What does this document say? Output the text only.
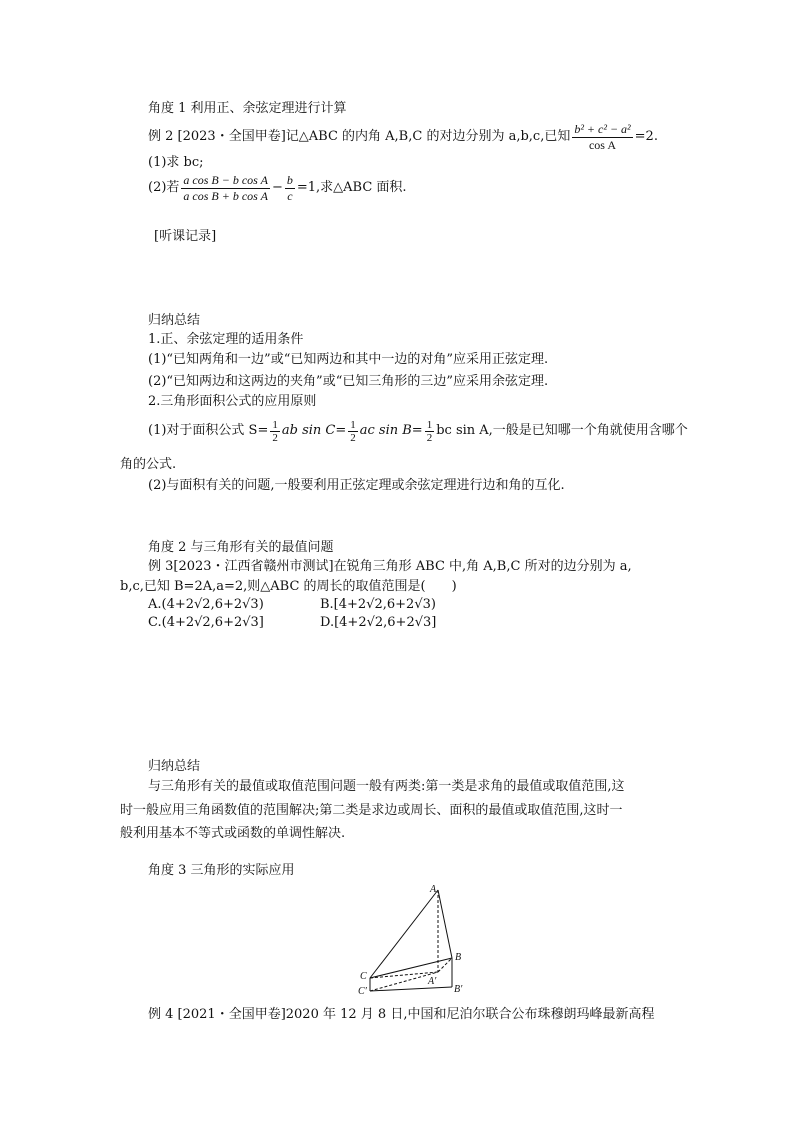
角度 1 利用正、余弦定理进行计算
例 2 [2023・全国甲卷]记△ABC 的内角 A,B,C 的对边分别为 a,b,c,已知 $\frac{\text{b² + c² − a²}}{\text{cos A}} =2$.
(1)求 bc;
(2)若 $\frac{\text{a cos B − b cos A}}{\text{a cos B + b cos A}} - \frac{b}{c} =1$,求△ABC 面积.
[听课记录]
归纳总结
1.正、余弦定理的适用条件
(1)“已知两角和一边”或“已知两边和其中一边的对角”应采用正弦定理.
(2)“已知两边和这两边的夹角”或“已知三角形的三边”应采用余弦定理.
2.三角形面积公式的应用原则
(1)对于面积公式 $S= \frac{1}{2}$ ab $\sin C= \frac{1}{2}$ ac $\sin B= \frac{1}{2}$ bc sin A,一般是已知哪一个角就使用含哪个
角的公式.
(2)与面积有关的问题,一般要利用正弦定理或余弦定理进行边和角的互化.
角度 2 与三角形有关的最值问题
例 3[2023・江西省赣州市测试]在锐角三角形 ABC 中,角 A,B,C 所对的边分别为 a,
b,c,已知 B=2A,a=2,则△ABC 的周长的取值范围是(　　)
A.(4+2√2,6+2√3)	B.[4+2√2,6+2√3)
C.(4+2√2,6+2√3]	D.[4+2√2,6+2√3]
归纳总结
与三角形有关的最值或取值范围问题一般有两类:第一类是求角的最值或取值范围,这
时一般应用三角函数值的范围解决;第二类是求边或周长、面积的最值或取值范围,这时一
般利用基本不等式或函数的单调性解决.
角度 3 三角形的实际应用
A
B
C	A′
B′
C′
例 4 [2021・全国甲卷]2020 年 12 月 8 日,中国和尼泊尔联合公布珠穆朗玛峰最新高程
